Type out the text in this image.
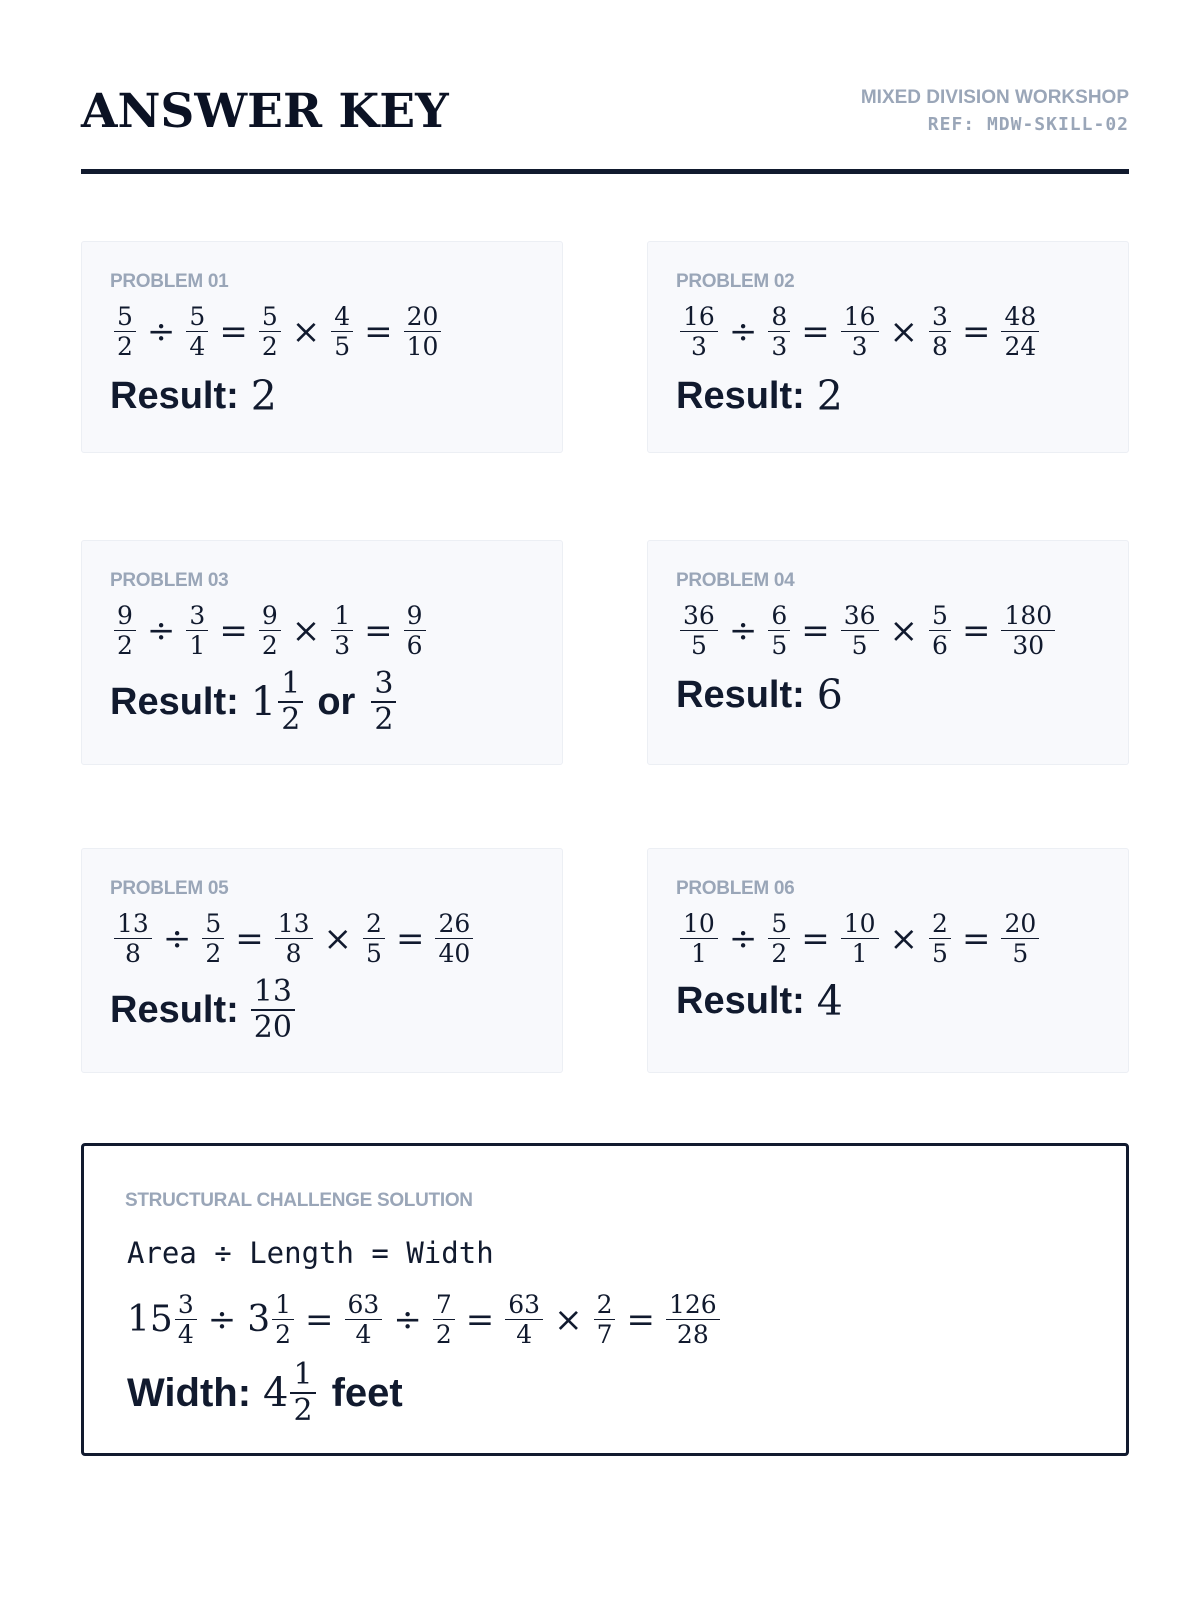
ANSWER KEY	MIXED DIVISION WORKSHOP
REF: MDW-SKILL-02
PROBLEM 01
$\frac{5}{2} \div \frac{5}{4} = \frac{5}{2} \times \frac{4}{5} = \frac{20}{10}$
Result: 2
PROBLEM 02
$\frac{16}{3} \div \frac{8}{3} = \frac{16}{3} \times \frac{3}{8} = \frac{48}{24}$
Result: 2
PROBLEM 03
$\frac{9}{2} \div \frac{3}{1} = \frac{9}{2} \times \frac{1}{3} = \frac{9}{6}$
Result: $1 \frac{1}{2}$ or $\frac{3}{2}$
PROBLEM 04
$\frac{36}{5} \div \frac{6}{5} = \frac{36}{5} \times \frac{5}{6} = \frac{180}{30}$
Result: 6
PROBLEM 05
$\frac{13}{8} \div \frac{5}{2} = \frac{13}{8} \times \frac{2}{5} = \frac{26}{40}$
Result: $\frac{13}{20}$
PROBLEM 06
$\frac{10}{1} \div \frac{5}{2} = \frac{10}{1} \times \frac{2}{5} = \frac{20}{5}$
Result: 4
STRUCTURAL CHALLENGE SOLUTION
Area ÷ Length = Width
$15 \frac{3}{4} \div 3 \frac{1}{2} = \frac{63}{4} \div \frac{7}{2} = \frac{63}{4} \times \frac{2}{7} = \frac{126}{28}$
Width: $4 \frac{1}{2}$ feet
